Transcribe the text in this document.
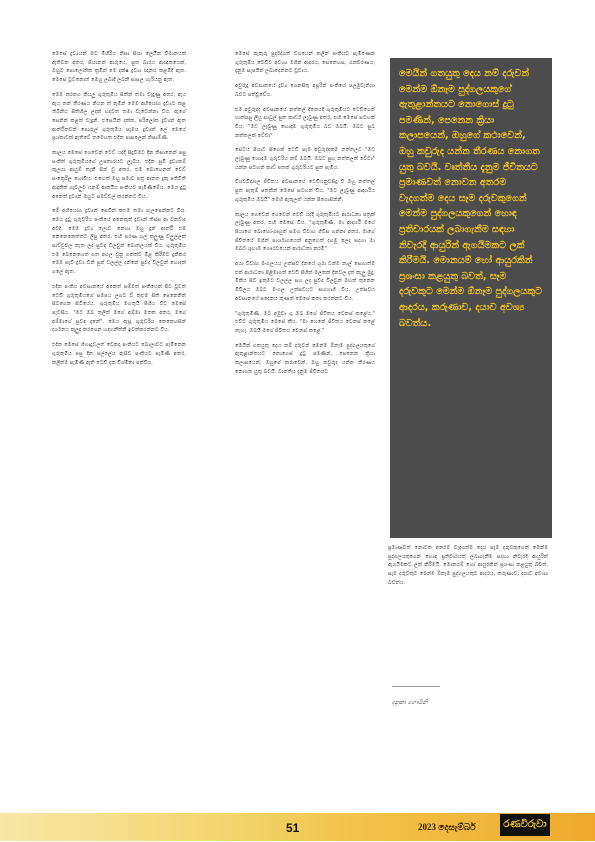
මෙසේ ද්‍රව්‍යයන් මට මිහිරිය නිසා සියා ලෙයින විමානයක් ඇතිවන අතර, සියානන් ආරුයෙ, සුත බාරය ආඥකයෙක්, ඔහුට පොලෝතික ක්‍රමින් මෙ දක්ෂ ද්‍රව්‍යා ඥානය කළමිදී ඇත. මෙසේ වූවනොත් මෙහු ලබාදී ලබනී පාසල හැරියනු ඇත.

මෙම කරනග කියලූ ගුරුතුමිය සිතින් තමා වැදුණු අතර, ඇය ඇය තන් තීරණය නියන ත් කුමින් මෙම අභියෝග ද්‍රව්‍යට කළ තිබිනිය සිතිහිල ලදන් හදවත තමා වැටෙන්නා විය. ඇගේ සෙනින් කළත් වැදුනි. එසෙයින් දක්ක, පරිලෝක ද්‍රව්‍යන් ඇත ආත්ථිකවන් පොරුල් ගුරුතුමිය සැමය ද්‍රව්‍යත් ලේ මෙයේ ප්‍රශ්නාවක් ඇතිවේ තමෙහත එදින පාසලෙන් නිසාම්ණී.

කාලය මෙසේ ගෙවෙන් වෙව් යද්දී සිදුවීමට දින තිසානෙන් පසු පංකිත් ගුරුතුමියගේ උපකාරයට ලැබීය. එදින සුමි ද්‍රව්‍යනම් කුලයා ආයුම් කැනී සින් වු අතර, එම බොහෙනන් වෙව් සංක්‍රෙරිල හෝවිය. එහෙත් ඔහු පමාව පත්‍ර ආකත ද්‍රකු පතිවිති ආදෘතික් ගැටලුව යනම් ආකයිය පංකියට පැමිණිමේය. මෙය දුටු අනෙත් ද්‍රව්‍යන් ඔහුට සමච්චල් කරන්නට විය.

මේ අභියෝග ද්‍රව්‍යන් සෙවින් කළුම තමා ගැලපෙන්නට විය. මෙය දුටු ගුරුවරිය පංකියේ අනෙකුත් ද්‍රව්‍යන් තිස්ස ආ වනවාද අවදි. මෙම ද්‍රව්‍ය ලොව නෙහා ඔහු දුන් ආත්ථි එම නෙනෙනෙත්තට ලිපු අතර, එහි පරණ ගල් කලුණු වලුල්ලක් පාච්චුවල නැත ලද සුවඳ විලවුන් බොතලයක් විය. ගුරුතුමිය එම බෙනෙහෙත් ගත අගල වුනු ගත්ත්ව මිළ කිරීමට දුකිකර මෙම සැවි ද්‍රව්‍ය වීනි පුන් වලල්ල දන්නේ සුවද විලවුන් හොදක් ගලේ ඇත.

එදින පංකිය අවසානයේ අනෙත් සම්මත් පංකියෙන් පිට වූවත් ටෙඩි ගුරුතුමියගේ සමපය ලගට ව් කළුම සිති පෙනෙනින් සිටගෙන සිටියේය. ගුරුතුමිය මහතුයි පිහිය වීට මෙසේ පැවසිය. "මට ඔබ තුලින් මගේ අම්මා මතක අතර, මගේ අම්මාගේ සුවඳ දැනේ". මෙය ඇසූ ගුරුවරිය කෙනෙහසින් දර්ශනය කුලුදා කරගෙන හඳගනීත්නී ඉවත්කරන්නට විය.

එදින මෙසේ ගිහාදුවලත් වෙනදා පංකියට බොලාවට පැමිනෙන ගුරුතුමිය පසු දින පල්ලේය ඇසිව පංකියට පැමිණි අතර, කලිත්ම පැමිණි ඇති ටෙඩි දැක විශ්මිතා පත්විය.

මෙසේ නැකුරු පුර්දද්ගත් වගයෙන් කලින් පංකියට පැමිණෙන ගුරුතුමිය ටෙඩිට අවශ්‍ය මගින් ආදරය, සෙනෙහස, රැකවරණය, දැනුම සැපයීන් ලබාදෙන්නට වූවාය.

අවුරුදු අවසානයේ ද්‍රව්‍ය ගෙනසිතු අපූරින් පංකියේ පලමුවැනියා බවට පත්වූවේය.

එම අවුරුද්ද අවසානයේ නත්තල් දිනෙයදී ගුරුතුමියට ටෙඩිගෙන් හාත්පසු ලියු සාධුල් සුත කාර්ඩ් ලැබුණු අතර, එහි මෙසේ සටහන් විය. "මට ලැබුණු හොඳම ගුරුතුමිය බව ඔබයි. ඔබට සුබ නත්තලක් වේවා"

සේටය පියාට සිගෙන් ටෙඩි සැම අවුරුද්දකම නත්තලට "මට ලැබුණු හොඳම ගුරුවරිය නම් ඔබයි. ඔබට සුභ නත්තලක් වේවා" යන්න සටහන් කාඩ් පතක් ගුරුවරියට සුත පැමිය.

විශ්වවිද්‍යාල ජිවිතය අවසානයේ ටෙඩියනුවසිදු වී ඔහු නත්තල් සුත පැතුම් පතකින් මෙසේ සටහන් විය. "මට ලැබුණු ආදර්ශිය ගුරුතුමිය ඔබයි" මෙහි ඇතුලත් යන්න පිගොසින්නී.

කාලය ගෙවෙන් ගෙවෙන් ටෙඩි යද්දී ගුරුතුමියට ආරාධනා පත්‍රක් ලැබුණු අතර, එහි මෙසේ විය. "ගුරුතුමිණී, මා ආදර්ශී මගේ පියාගේ බොහෝංග්‍රුහුත් සමග විවාහ ගිවිස ගන්නා අතර, මාගේ ජිවිතයේ මගින් පාර්ශාගයෙන් අනුහෙත් දහමු ලෙද සදහා මා ඔබට ශුභාම ගෞරවයෙන් ආරාධනා කරමි"

අයා විවාහ මංගලයය උත්සව දිනයේ ශූරා වන්ම නාල් සොහත්ම එන් ආරාධනා පිළිමාගත් වෙඩි පිහිත් මලතක් දිනවල දැත් කැලු මුදු, මීකිය සිව ඉතුමට වලල්ල සහ ලද සුවඳ විලවුන් මහත් තුනෙන මිවිලය ඔබට මංගල උත්සවයට සහභාගි විය. උත්සවය අවසානයේ පදෙනය කුණත් මෙසේ කතා කරන්නට විය.

"ගුරුතුමිණී, මට අමුවා ගු ඔබ මගේ ජිවිතය වෙනස් කළේය." එවිට ගුරුතුමිය මෙසේ කීය. "මා හෙනේ ජිවිතය වෙනස් කළේ නැහැ. ඔබයි මගේ ජිවිතය වෙනස් කළේ."

මෙයින් ගතයුතු දෙය නම් දරුවන් මෙන්ම ඕනෑම පුද්ගලයකුගේ ඇතුළාන්තයට නොගෙස් දුටු පමණින්, පෙනෙන ක්‍රියා කලාපයෙන්, ඔහුගේ කරාවෙන්, ඔහු කවුරුද යන්න තීරණය නොගත යුතු බවයි. වාත්තිය දැනුම ජිවිතයට

මෙයින් ගතයුතු දෙය නම් දරුවන් මෙන්ම ඕනෑම පුද්ගලයකුගේ ඇතුළාන්තයට නොගොස් දුටු පමණින්, පෙනෙන ක්‍රියා කලාපයෙන්, ඔහුගේ කථාවෙන්, ඔහු කවුරුද යන්න තීරණය නොගත යුතු බවයි. වෘත්තීය දැනුම ජීවිතයට ප්‍රමාණවත් නොවන අතරම වැදගත්ම දෙය සෑම දරුවකුගෙන් මෙන්ම පුද්ගලයකුගෙන් හොඳ ප්‍රතිචාරයක් ලබාගැනීම සඳහා නිවැරදි ආයුරින් ඇගයිමකට ලක් කිරීමයි. මොනයම් හෝ ආයුරකින් ප්‍රශංසා කළයුතු බවත්, සෑම දරුවකුට මෙන්ම ඕනෑම පුද්ගලයකුට ආදරය, කරුණාව, දයාව අවශ්‍ය බවත්ය.

ප්‍රමාණවත් නොවන අතරම වැදගත්ම දෙය සැම දරුවකුගෙන් මෙන්ම පුද්ගලයකුගෙන් හොඳ ප්‍රතිචාරයක් ලබාගැනීම සදහා නිවැරදි ආයුරින් ඇගයිමකට ලක් කිරීමයි. මොනයම් හෝ ආයුරකින් ප්‍රශංසා කළයුතු බවත්, සැම දරුවකුට මෙන්ම ඕනෑම පුද්ගලයකුට ආදරය, කරුණාව, දයාව අවශ්‍ය බවත්ය.

දනුකා ගෞමිනී
51	2023 දෙසැම්බර්	රණවිරුවා
